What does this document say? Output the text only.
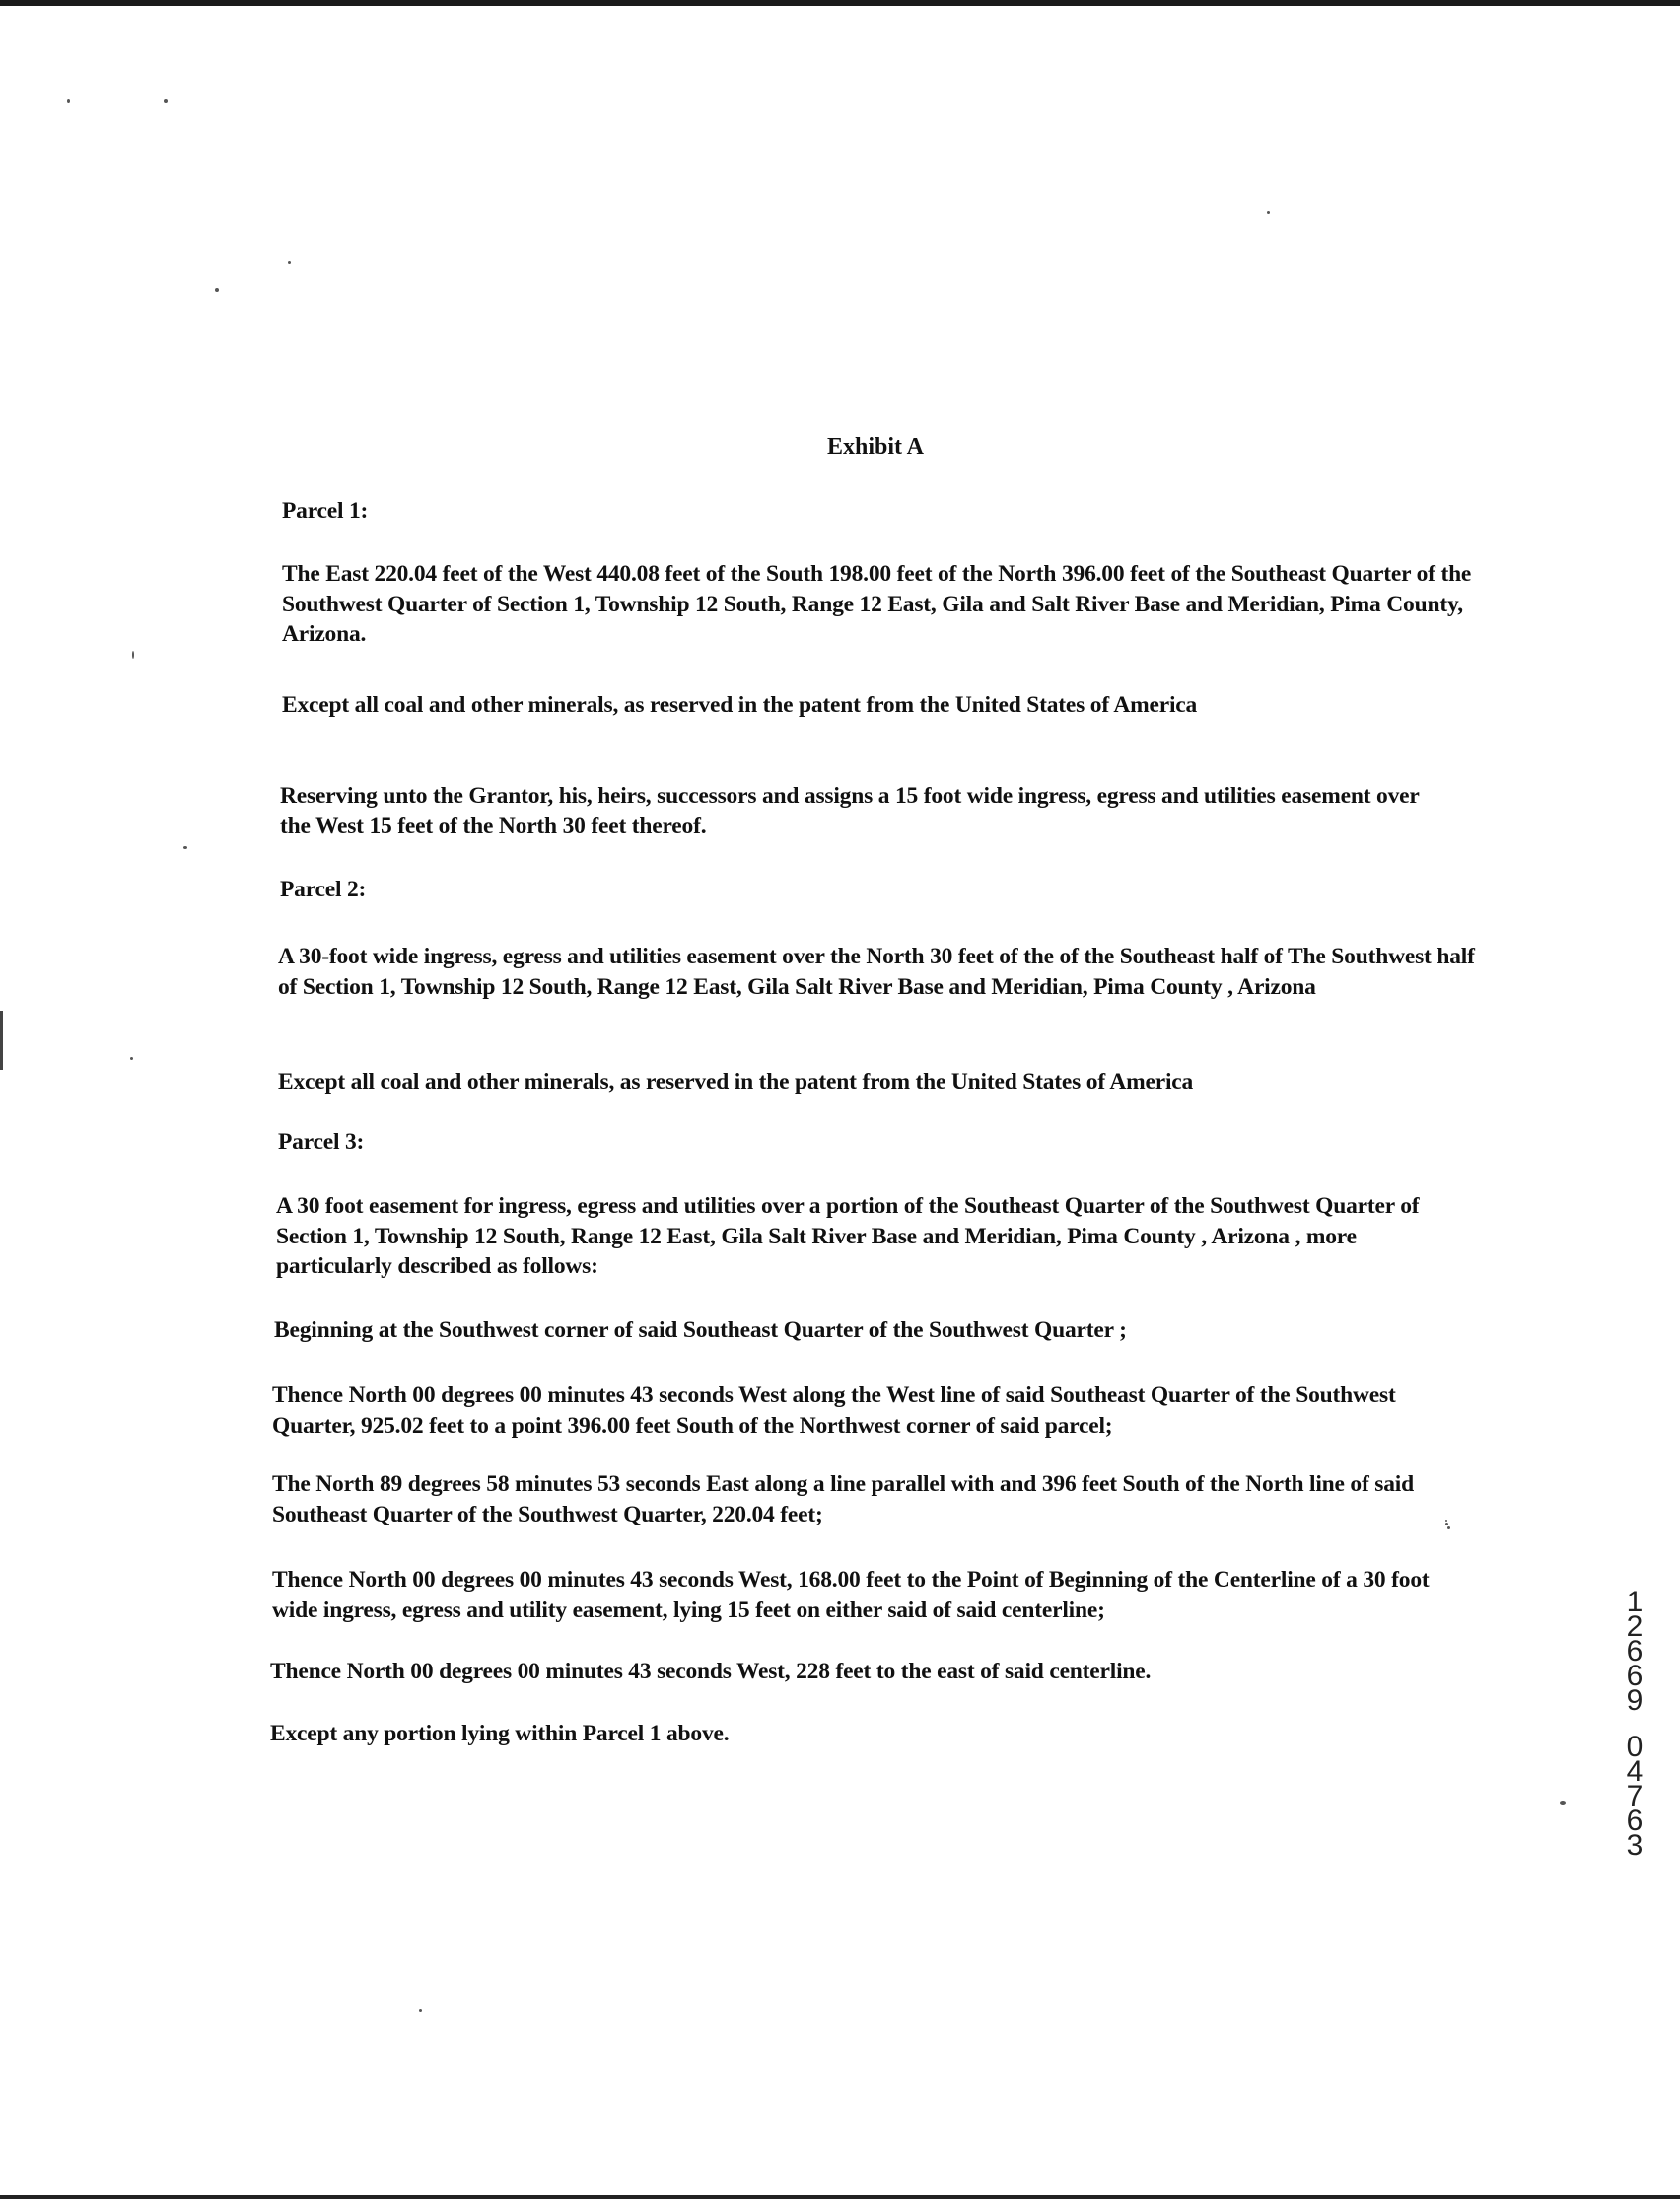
Exhibit A
Parcel 1:
The East 220.04 feet of the West 440.08 feet of the South 198.00 feet of the North 396.00 feet of the Southeast Quarter of the Southwest Quarter of Section 1, Township 12 South, Range 12 East, Gila and Salt River Base and Meridian, Pima County, Arizona.
Except all coal and other minerals, as reserved in the patent from the United States of America
Reserving unto the Grantor, his, heirs, successors and assigns a 15 foot wide ingress, egress and utilities easement over the West 15 feet of the North 30 feet thereof.
Parcel 2:
A 30-foot wide ingress, egress and utilities easement over the North 30 feet of the of the Southeast half of The Southwest half of Section 1, Township 12 South, Range 12 East, Gila Salt River Base and Meridian, Pima County , Arizona
Except all coal and other minerals, as reserved in the patent from the United States of America
Parcel 3:
A 30 foot easement for ingress, egress and utilities over a portion of the Southeast Quarter of the Southwest Quarter of Section 1, Township 12 South, Range 12 East, Gila Salt River Base and Meridian, Pima County , Arizona , more particularly described as follows:
Beginning at the Southwest corner of said Southeast Quarter of the Southwest Quarter ;
Thence North 00 degrees 00 minutes 43 seconds West along the West line of said Southeast Quarter of the Southwest Quarter, 925.02 feet to a point 396.00 feet South of the Northwest corner of said parcel;
The North 89 degrees 58 minutes 53 seconds East along a line parallel with and 396 feet South of the North line of said Southeast Quarter of the Southwest Quarter, 220.04 feet;
Thence North 00 degrees 00 minutes 43 seconds West, 168.00 feet to the Point of Beginning of the Centerline of a 30 foot wide ingress, egress and utility easement, lying 15 feet on either said of said centerline;
Thence North 00 degrees 00 minutes 43 seconds West, 228 feet to the east of said centerline.
Except any portion lying within Parcel 1 above.
12669
04763
